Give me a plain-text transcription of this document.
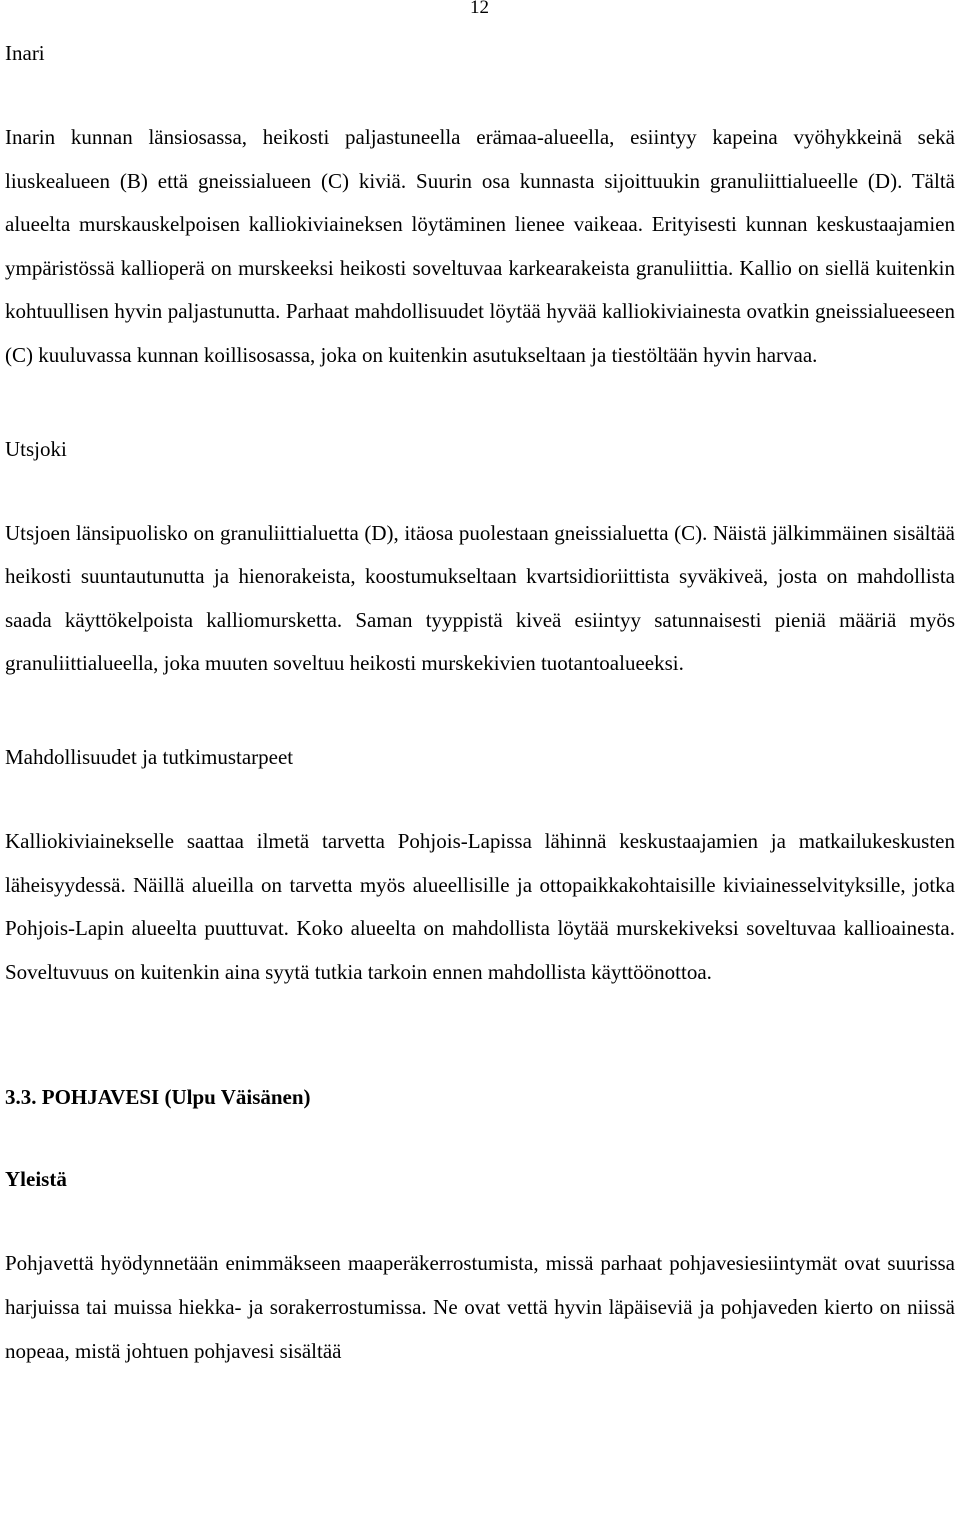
12
Inari

Inarin kunnan länsiosassa, heikosti paljastuneella erämaa-alueella, esiintyy kapeina vyöhykkeinä sekä liuskealueen (B) että gneissialueen (C) kiviä. Suurin osa kunnasta sijoittuukin granuliittialueelle (D). Tältä alueelta murskauskelpoisen kalliokiviaineksen löytäminen lienee vaikeaa. Erityisesti kunnan keskustaajamien ympäristössä kallioperä on murskeeksi heikosti soveltuvaa karkearakeista granuliittia. Kallio on siellä kuitenkin kohtuullisen hyvin paljastunutta. Parhaat mahdollisuudet löytää hyvää kalliokiviainesta ovatkin gneissialueeseen (C) kuuluvassa kunnan koillisosassa, joka on kuitenkin asutukseltaan ja tiestöltään hyvin harvaa.

Utsjoki

Utsjoen länsipuolisko on granuliittialuetta (D), itäosa puolestaan gneissialuetta (C). Näistä jälkimmäinen sisältää heikosti suuntautunutta ja hienorakeista, koostumukseltaan kvartsidioriittista syväkiveä, josta on mahdollista saada käyttökelpoista kalliomursketta. Saman tyyppistä kiveä esiintyy satunnaisesti pieniä määriä myös granuliittialueella, joka muuten soveltuu heikosti murskekivien tuotantoalueeksi.

Mahdollisuudet ja tutkimustarpeet

Kalliokiviainekselle saattaa ilmetä tarvetta Pohjois-Lapissa lähinnä keskustaajamien ja matkailukeskusten läheisyydessä. Näillä alueilla on tarvetta myös alueellisille ja ottopaikkakohtaisille kiviainesselvityksille, jotka Pohjois-Lapin alueelta puuttuvat. Koko alueelta on mahdollista löytää murskekiveksi soveltuvaa kallioainesta. Soveltuvuus on kuitenkin aina syytä tutkia tarkoin ennen mahdollista käyttöönottoa.

3.3. POHJAVESI (Ulpu Väisänen)
Yleistä

Pohjavettä hyödynnetään enimmäkseen maaperäkerrostumista, missä parhaat pohjavesiesiintymät ovat suurissa harjuissa tai muissa hiekka- ja sorakerrostumissa. Ne ovat vettä hyvin läpäiseviä ja pohjaveden kierto on niissä nopeaa, mistä johtuen pohjavesi sisältää
